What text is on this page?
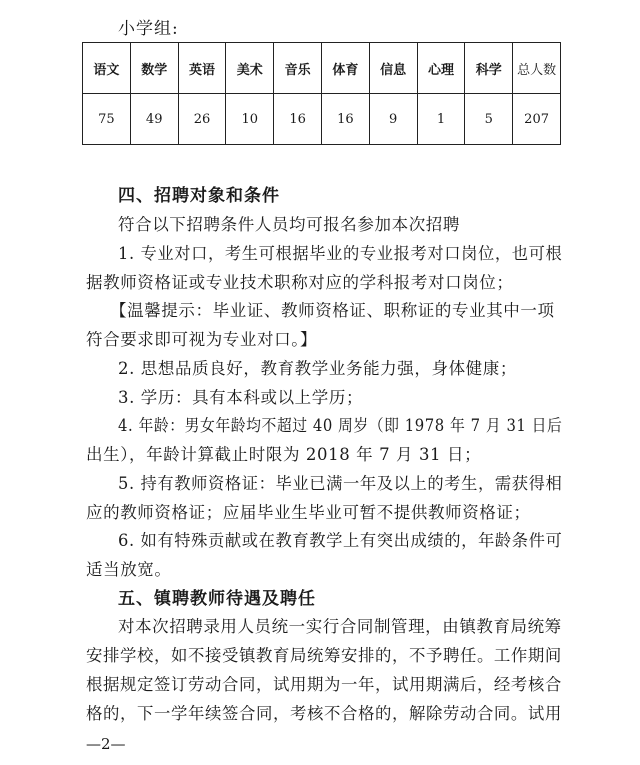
小学组:
语文	数学	英语	美术	音乐	体育	信息	心理	科学	总人数
75	49	26	10	16	16	9	1	5	207
四、招聘对象和条件
符合以下招聘条件人员均可报名参加本次招聘
1. 专业对口，考生可根据毕业的专业报考对口岗位，也可根
据教师资格证或专业技术职称对应的学科报考对口岗位；
【温馨提示：毕业证、教师资格证、职称证的专业其中一项
符合要求即可视为专业对口。】
2. 思想品质良好，教育教学业务能力强，身体健康；
3. 学历：具有本科或以上学历；
4. 年龄：男女年龄均不超过 40 周岁（即 1978 年 7 月 31 日后
出生），年龄计算截止时限为 2018 年 7 月 31 日；
5. 持有教师资格证：毕业已满一年及以上的考生，需获得相
应的教师资格证；应届毕业生毕业可暂不提供教师资格证；
6. 如有特殊贡献或在教育教学上有突出成绩的，年龄条件可
适当放宽。
五、镇聘教师待遇及聘任
对本次招聘录用人员统一实行合同制管理，由镇教育局统筹
安排学校，如不接受镇教育局统筹安排的，不予聘任。工作期间
根据规定签订劳动合同，试用期为一年，试用期满后，经考核合
格的，下一学年续签合同，考核不合格的，解除劳动合同。试用
—2—
